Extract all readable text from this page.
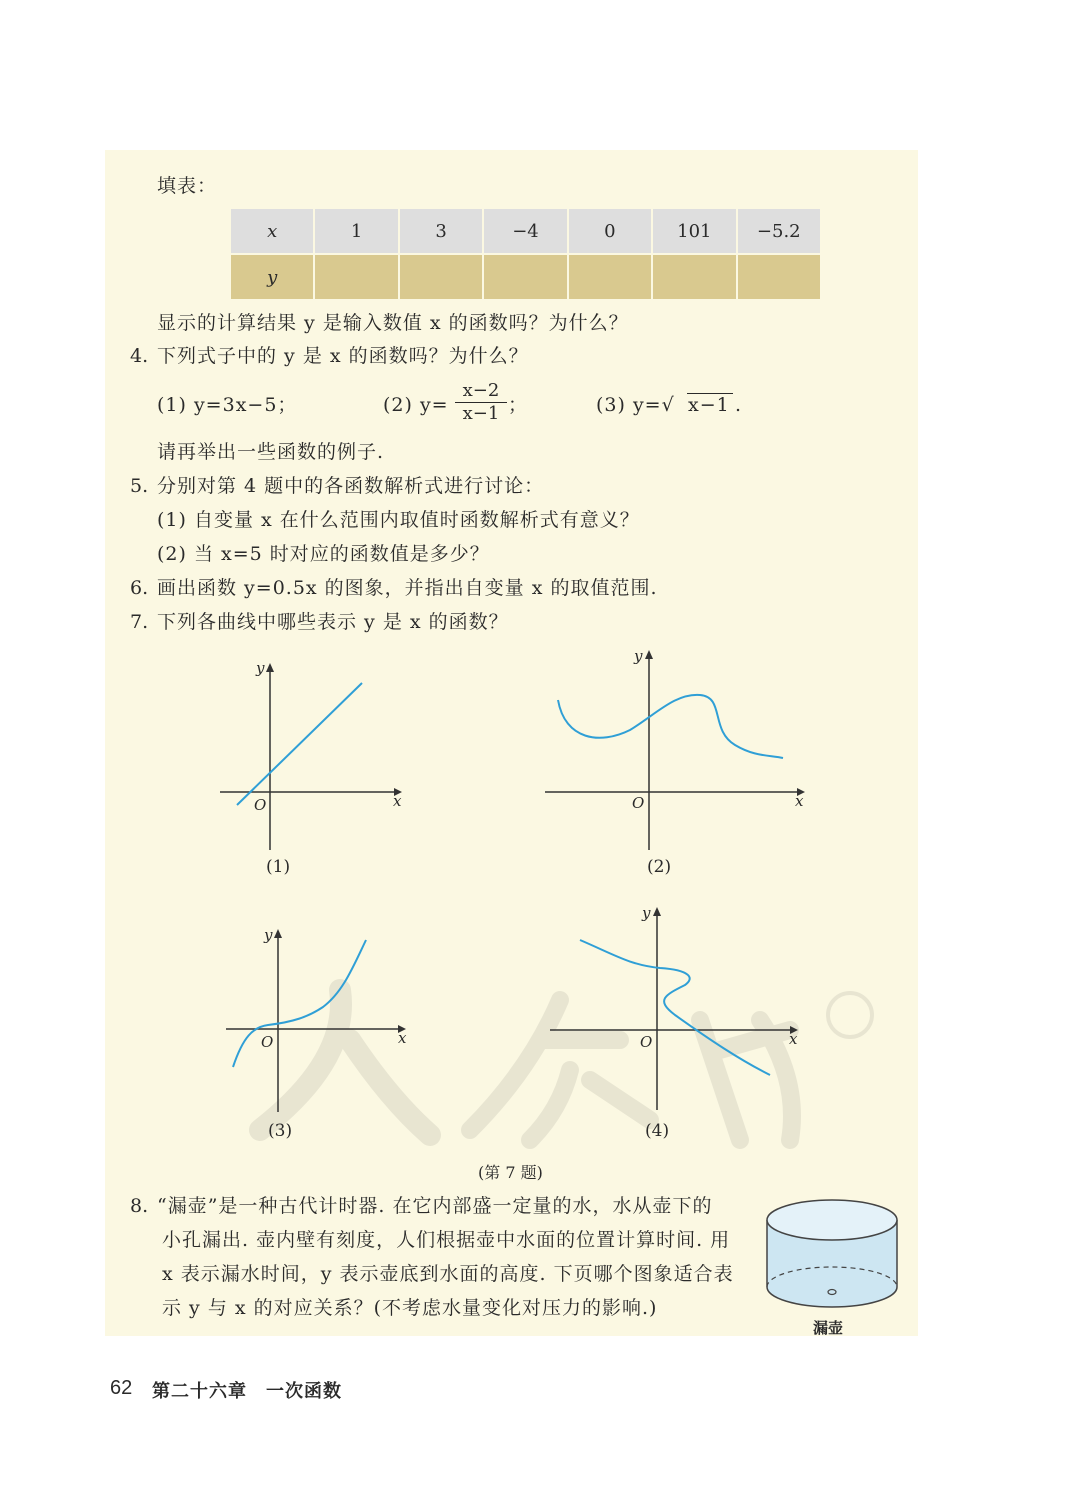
填表：
x	1	3	−4	0	101	−5.2
y						
显示的计算结果 y 是输入数值 x 的函数吗？为什么？
4. 下列式子中的 y 是 x 的函数吗？为什么？
(1) y=3x−5；	(2) y=
x−2
x−1 ；	(3) y=√ x−1 .
请再举出一些函数的例子.
5. 分别对第 4 题中的各函数解析式进行讨论：
(1) 自变量 x 在什么范围内取值时函数解析式有意义？
(2) 当 x=5 时对应的函数值是多少？
6. 画出函数 y=0.5x 的图象，并指出自变量 x 的取值范围.
7. 下列各曲线中哪些表示 y 是 x 的函数？
x
y
O
(1)
x
y
O
(2)
x
y
O
(3)
x
y
O
(4)
(第 7 题)
8. “漏壶”是一种古代计时器. 在它内部盛一定量的水，水从壶下的
小孔漏出. 壶内壁有刻度，人们根据壶中水面的位置计算时间. 用
x 表示漏水时间，y 表示壶底到水面的高度. 下页哪个图象适合表
示 y 与 x 的对应关系？(不考虑水量变化对压力的影响.)
漏壶
62 第二十六章　一次函数
